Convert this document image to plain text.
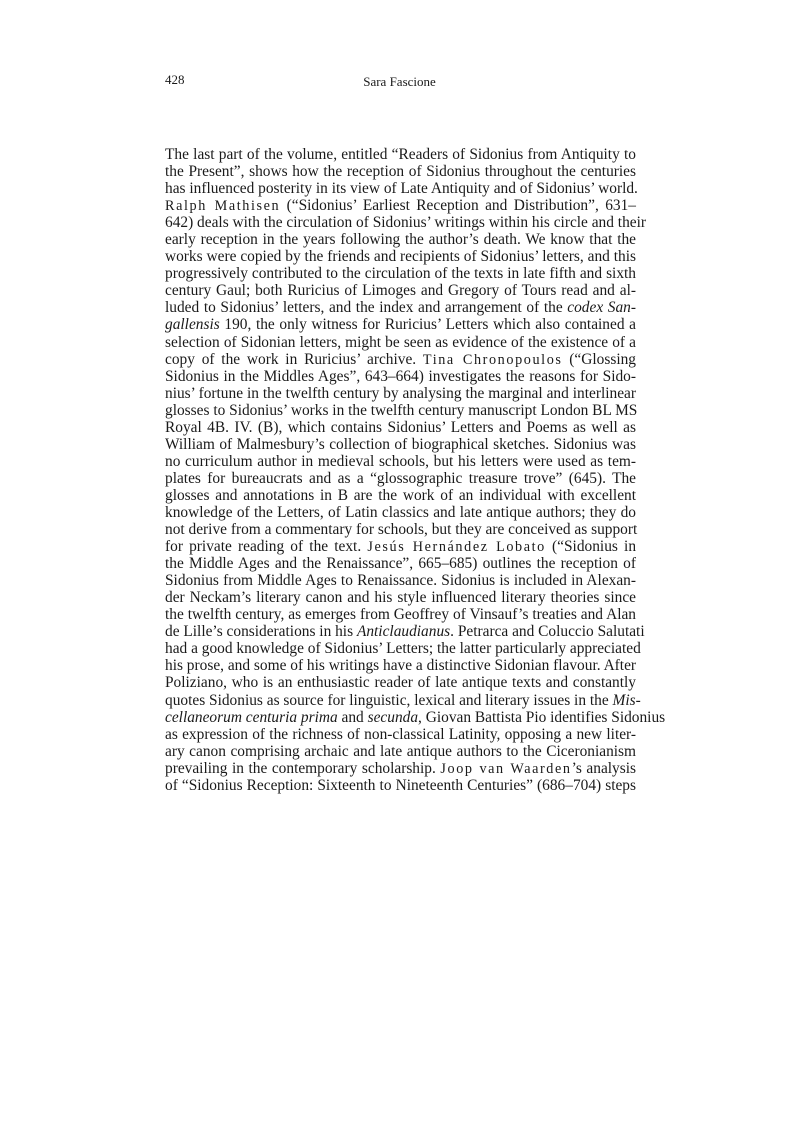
428	Sara Fascione
The last part of the volume, entitled “Readers of Sidonius from Antiquity to
the Present”, shows how the reception of Sidonius throughout the centuries
has influenced posterity in its view of Late Antiquity and of Sidonius’ world.
Ralph Mathisen (“Sidonius’ Earliest Reception and Distribution”, 631–
642) deals with the circulation of Sidonius’ writings within his circle and their
early reception in the years following the author’s death. We know that the
works were copied by the friends and recipients of Sidonius’ letters, and this
progressively contributed to the circulation of the texts in late fifth and sixth
century Gaul; both Ruricius of Limoges and Gregory of Tours read and al-
luded to Sidonius’ letters, and the index and arrangement of the codex San-
gallensis 190, the only witness for Ruricius’ Letters which also contained a
selection of Sidonian letters, might be seen as evidence of the existence of a
copy of the work in Ruricius’ archive. Tina Chronopoulos (“Glossing
Sidonius in the Middles Ages”, 643–664) investigates the reasons for Sido-
nius’ fortune in the twelfth century by analysing the marginal and interlinear
glosses to Sidonius’ works in the twelfth century manuscript London BL MS
Royal 4B. IV. (B), which contains Sidonius’ Letters and Poems as well as
William of Malmesbury’s collection of biographical sketches. Sidonius was
no curriculum author in medieval schools, but his letters were used as tem-
plates for bureaucrats and as a “glossographic treasure trove” (645). The
glosses and annotations in B are the work of an individual with excellent
knowledge of the Letters, of Latin classics and late antique authors; they do
not derive from a commentary for schools, but they are conceived as support
for private reading of the text. Jesús Hernández Lobato (“Sidonius in
the Middle Ages and the Renaissance”, 665–685) outlines the reception of
Sidonius from Middle Ages to Renaissance. Sidonius is included in Alexan-
der Neckam’s literary canon and his style influenced literary theories since
the twelfth century, as emerges from Geoffrey of Vinsauf’s treaties and Alan
de Lille’s considerations in his Anticlaudianus. Petrarca and Coluccio Salutati
had a good knowledge of Sidonius’ Letters; the latter particularly appreciated
his prose, and some of his writings have a distinctive Sidonian flavour. After
Poliziano, who is an enthusiastic reader of late antique texts and constantly
quotes Sidonius as source for linguistic, lexical and literary issues in the Mis-
cellaneorum centuria prima and secunda, Giovan Battista Pio identifies Sidonius
as expression of the richness of non-classical Latinity, opposing a new liter-
ary canon comprising archaic and late antique authors to the Ciceronianism
prevailing in the contemporary scholarship. Joop van Waarden’s analysis
of “Sidonius Reception: Sixteenth to Nineteenth Centuries” (686–704) steps
